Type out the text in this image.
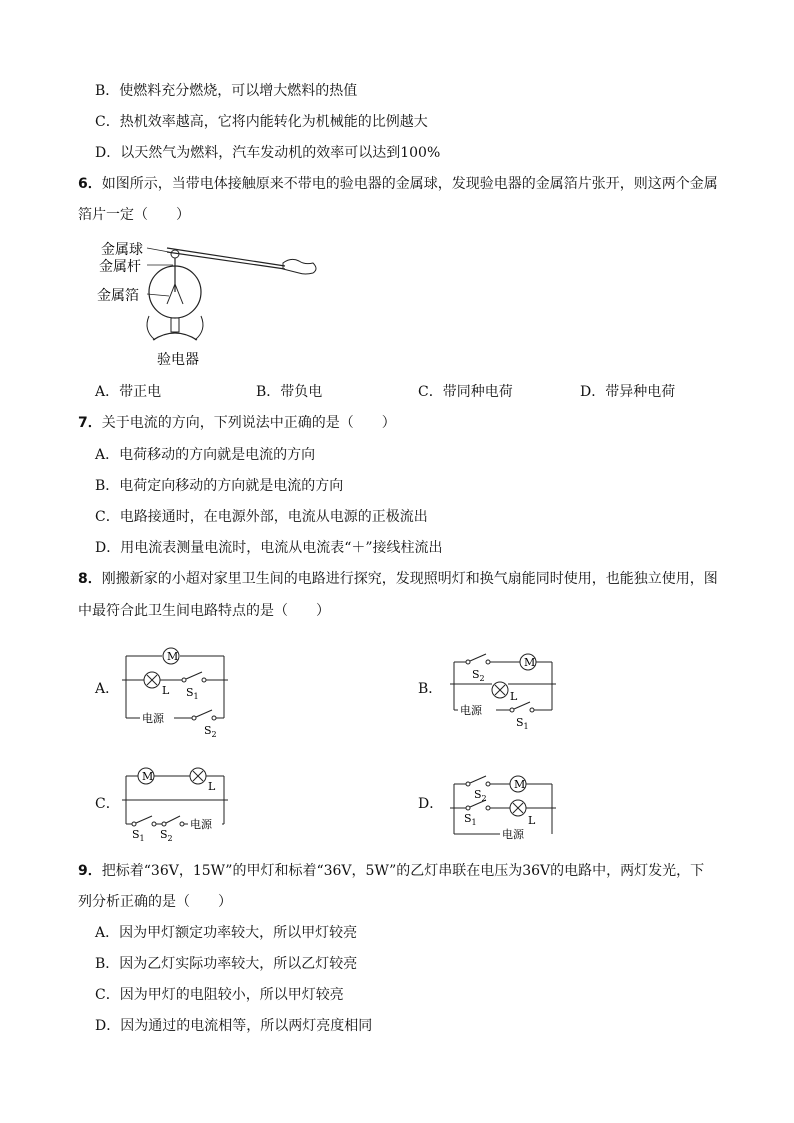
B．使燃料充分燃烧，可以增大燃料的热值
C．热机效率越高，它将内能转化为机械能的比例越大
D．以天然气为燃料，汽车发动机的效率可以达到100%
6．如图所示，当带电体接触原来不带电的验电器的金属球，发现验电器的金属箔片张开，则这两个金属
箔片一定（　　）
金属球
金属杆
金属箔
验电器
A．带正电	B．带负电	C．带同种电荷	D．带异种电荷
7．关于电流的方向，下列说法中正确的是（　　）
A．电荷移动的方向就是电流的方向
B．电荷定向移动的方向就是电流的方向
C．电路接通时，在电源外部，电流从电源的正极流出
D．用电流表测量电流时，电流从电流表“＋”接线柱流出
8．刚搬新家的小超对家里卫生间的电路进行探究，发现照明灯和换气扇能同时使用，也能独立使用，图
中最符合此卫生间电路特点的是（　　）
A．
M
L $S_1$
电源
$S_2$
B．
M
$S_2$
L
电源
$S_1$
C．
M
L
$S_1$ $S_2$
电源
D．
M
$S_2$
$S_1$	L
电源
9．把标着“36V，15W”的甲灯和标着“36V，5W”的乙灯串联在电压为36V的电路中，两灯发光，下
列分析正确的是（　　）
A．因为甲灯额定功率较大，所以甲灯较亮
B．因为乙灯实际功率较大，所以乙灯较亮
C．因为甲灯的电阻较小，所以甲灯较亮
D．因为通过的电流相等，所以两灯亮度相同
